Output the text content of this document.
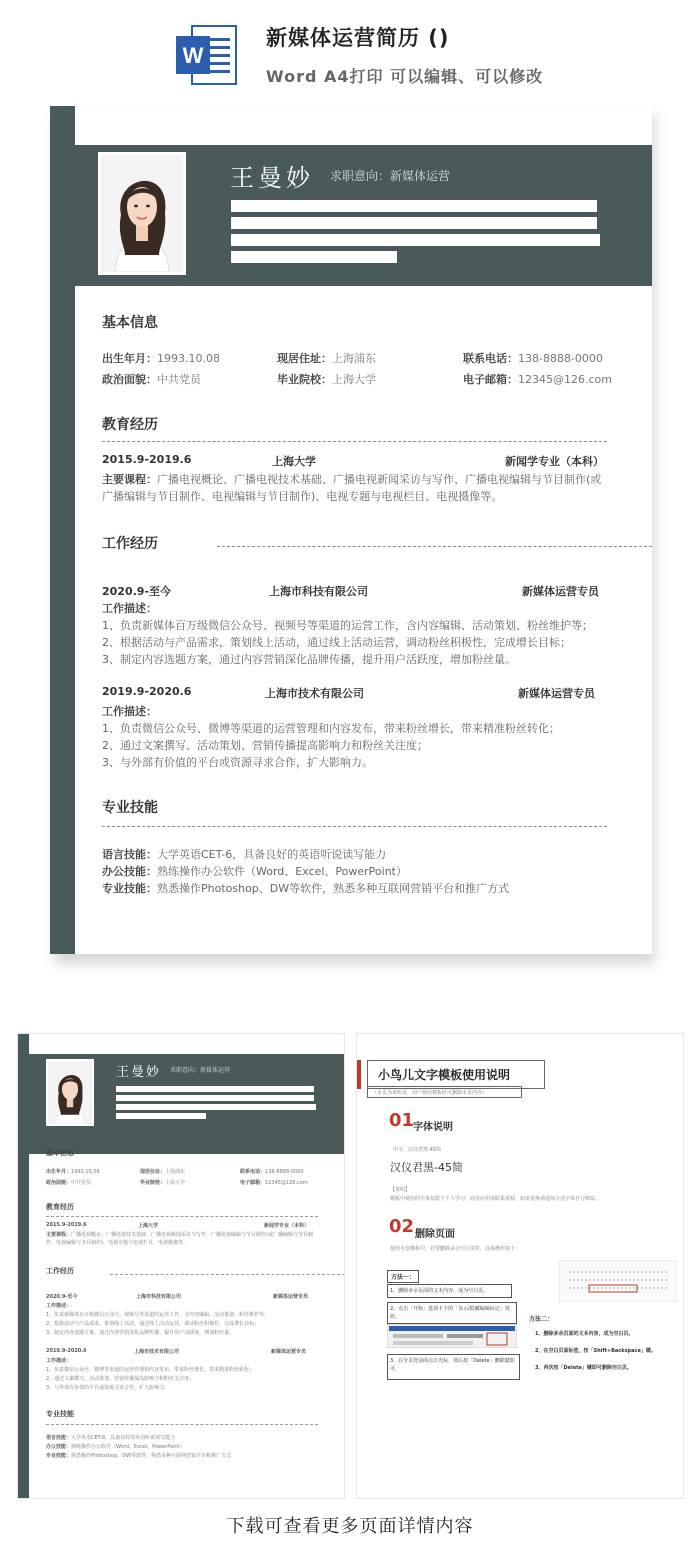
W
新媒体运营简历 ()
Word A4打印 可以编辑、可以修改
王曼妙 求职意向：新媒体运营
基本信息
出生年月：1993.10.08	现居住址：上海浦东	联系电话：138-8888-0000
政治面貌：中共党员	毕业院校：上海大学	电子邮箱：12345@126.com
教育经历
2015.9-2019.6	上海大学	新闻学专业（本科）
主要课程：广播电视概论、广播电视技术基础、广播电视新闻采访与写作、广播电视编辑与节目制作(或广播编辑与节目制作、电视编辑与节目制作)、电视专题与电视栏目、电视摄像等。
工作经历
2020.9-至今	上海市科技有限公司	新媒体运营专员
工作描述：
1、负责新媒体百万级微信公众号、视频号等渠道的运营工作，含内容编辑、活动策划、粉丝维护等；
2、根据活动与产品需求，策划线上活动，通过线上活动运营，调动粉丝积极性，完成增长目标；
3、制定内容选题方案，通过内容营销深化品牌传播，提升用户活跃度，增加粉丝量。
2019.9-2020.6	上海市技术有限公司	新媒体运营专员
工作描述：
1、负责微信公众号、微博等渠道的运营管理和内容发布，带来粉丝增长，带来精准粉丝转化；
2、通过文案撰写、活动策划、营销传播提高影响力和粉丝关注度；
3、与外部有价值的平台或资源寻求合作，扩大影响力。
专业技能
语言技能：大学英语CET-6，具备良好的英语听说读写能力
办公技能：熟练操作办公软件（Word、Excel、PowerPoint）
专业技能：熟悉操作Photoshop、DW等软件，熟悉多种互联网营销平台和推广方式
王曼妙 求职意向：新媒体运营
基本信息
出生年月：1993.10.08	现居住址：上海浦东	联系电话：138-8888-0000
政治面貌：中共党员	毕业院校：上海大学	电子邮箱：12345@126.com
教育经历
2015.9-2019.6	上海大学	新闻学专业（本科）
主要课程：广播电视概论、广播电视技术基础、广播电视新闻采访与写作、广播电视编辑与节目制作(或广播编辑与节目制作、电视编辑与节目制作)、电视专题与电视栏目、电视摄像等。
工作经历
2020.9-至今	上海市科技有限公司	新媒体运营专员
工作描述：
1、负责新媒体百万级微信公众号、视频号等渠道的运营工作，含内容编辑、活动策划、粉丝维护等；
2、根据活动与产品需求，策划线上活动，通过线上活动运营，调动粉丝积极性，完成增长目标；
3、制定内容选题方案，通过内容营销深化品牌传播，提升用户活跃度，增加粉丝量。
2019.9-2020.6	上海市技术有限公司	新媒体运营专员
工作描述：
1、负责微信公众号、微博等渠道的运营管理和内容发布，带来粉丝增长，带来精准粉丝转化；
2、通过文案撰写、活动策划、营销传播提高影响力和粉丝关注度；
3、与外部有价值的平台或资源寻求合作，扩大影响力。
专业技能
语言技能：大学英语CET-6，具备良好的英语听说读写能力
办公技能：熟练操作办公软件（Word、Excel、PowerPoint）
专业技能：熟悉操作Photoshop、DW等软件，熟悉多种互联网营销平台和推广方式
小鸟儿文字模板使用说明
（本页为说明页，用户使用模板时可删除本页内容）
01
字体说明
中文：汉仪君黑-45简
汉仪君黑-45简
【说明】
模板中使用的字体仅限于个人学习，商业应用请联系授权，如需更换请选择合适字体自行修改。
02 删除页面
使用本套模板中，若要删除多余空白页时，具体操作如下：
方法一：
1、删除多余页面的文本内容，成为空白页。
2、点击「开始」选项卡下的「显示/隐藏编辑标记」按钮。
3、在分页符前面点击光标，按后按「Delete」删除键即可。
方法二：
1、删除多余页面的文本内容，成为空白页。
2、在空白页面标签，按「Shift+Backspace」键。
3、再次按「Delete」键即可删除空白页。
下载可查看更多页面详情内容
